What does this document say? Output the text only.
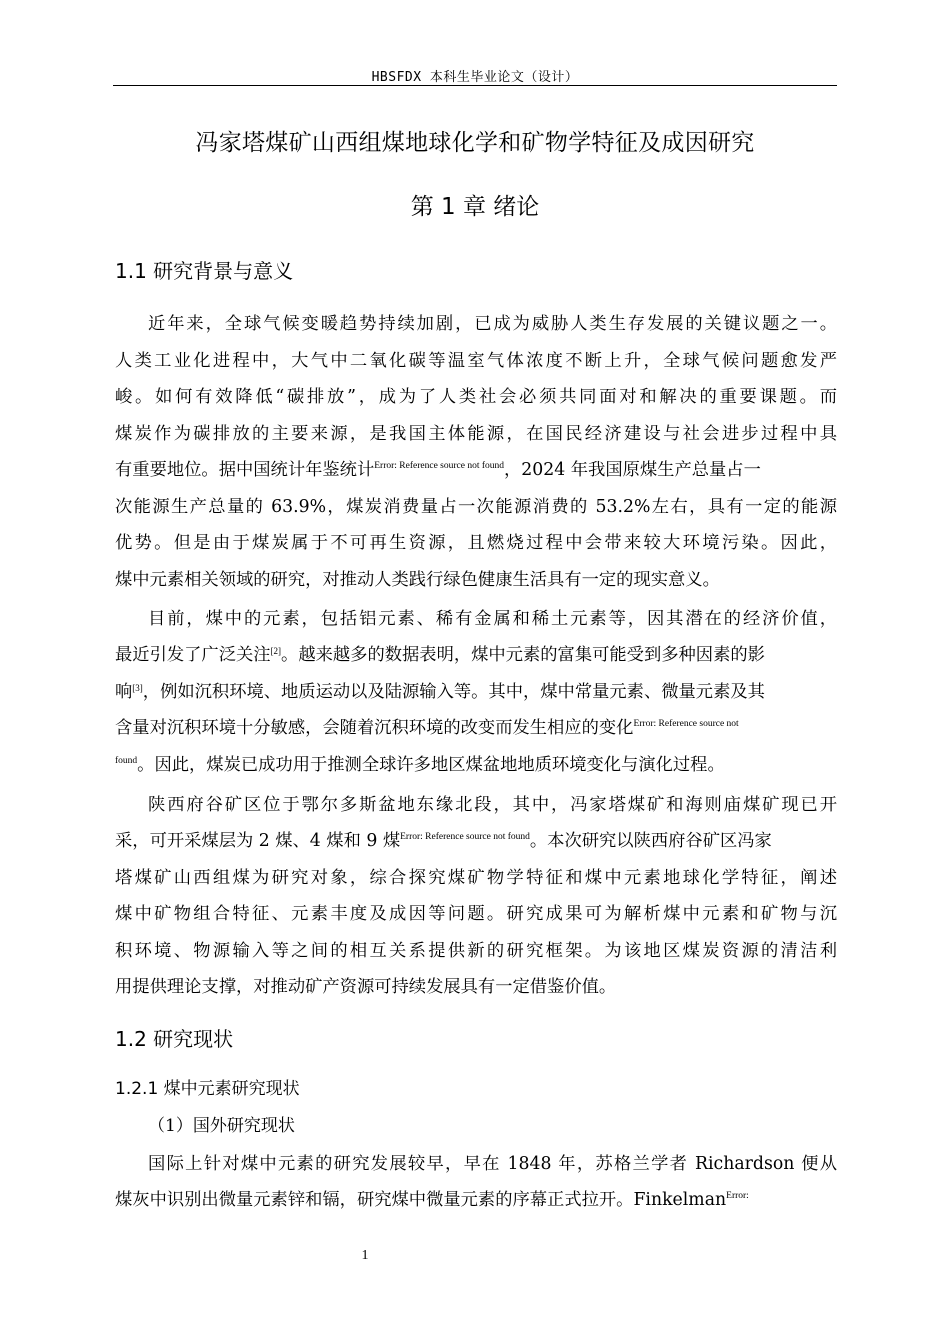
HBSFDX 本科生毕业论文（设计）
冯家塔煤矿山西组煤地球化学和矿物学特征及成因研究
第 1 章 绪论
1.1 研究背景与意义
近年来，全球气候变暖趋势持续加剧，已成为威胁人类生存发展的关键议题之一。
人类工业化进程中，大气中二氧化碳等温室气体浓度不断上升，全球气候问题愈发严
峻。如何有效降低“碳排放”，成为了人类社会必须共同面对和解决的重要课题。而
煤炭作为碳排放的主要来源，是我国主体能源，在国民经济建设与社会进步过程中具
有重要地位。据中国统计年鉴统计$^{Error: Reference source not found}$，2024 年我国原煤生产总量占一
次能源生产总量的 63.9%，煤炭消费量占一次能源消费的 53.2%左右，具有一定的能源
优势。但是由于煤炭属于不可再生资源，且燃烧过程中会带来较大环境污染。因此，
煤中元素相关领域的研究，对推动人类践行绿色健康生活具有一定的现实意义。
目前，煤中的元素，包括铝元素、稀有金属和稀土元素等，因其潜在的经济价值，
最近引发了广泛关注[2]。越来越多的数据表明，煤中元素的富集可能受到多种因素的影
响[3]，例如沉积环境、地质运动以及陆源输入等。其中，煤中常量元素、微量元素及其
含量对沉积环境十分敏感，会随着沉积环境的改变而发生相应的变化$^{Error: Reference source not}$
$^{found}$。因此，煤炭已成功用于推测全球许多地区煤盆地地质环境变化与演化过程。
陕西府谷矿区位于鄂尔多斯盆地东缘北段，其中，冯家塔煤矿和海则庙煤矿现已开
采，可开采煤层为 2 煤、4 煤和 9 煤$^{Error: Reference source not found}$。本次研究以陕西府谷矿区冯家
塔煤矿山西组煤为研究对象，综合探究煤矿物学特征和煤中元素地球化学特征，阐述
煤中矿物组合特征、元素丰度及成因等问题。研究成果可为解析煤中元素和矿物与沉
积环境、物源输入等之间的相互关系提供新的研究框架。为该地区煤炭资源的清洁利
用提供理论支撑，对推动矿产资源可持续发展具有一定借鉴价值。
1.2 研究现状
1.2.1 煤中元素研究现状
（1）国外研究现状
国际上针对煤中元素的研究发展较早，早在 1848 年，苏格兰学者 Richardson 便从
煤灰中识别出微量元素锌和镉，研究煤中微量元素的序幕正式拉开。Finkelman$^{Error:}$
1
